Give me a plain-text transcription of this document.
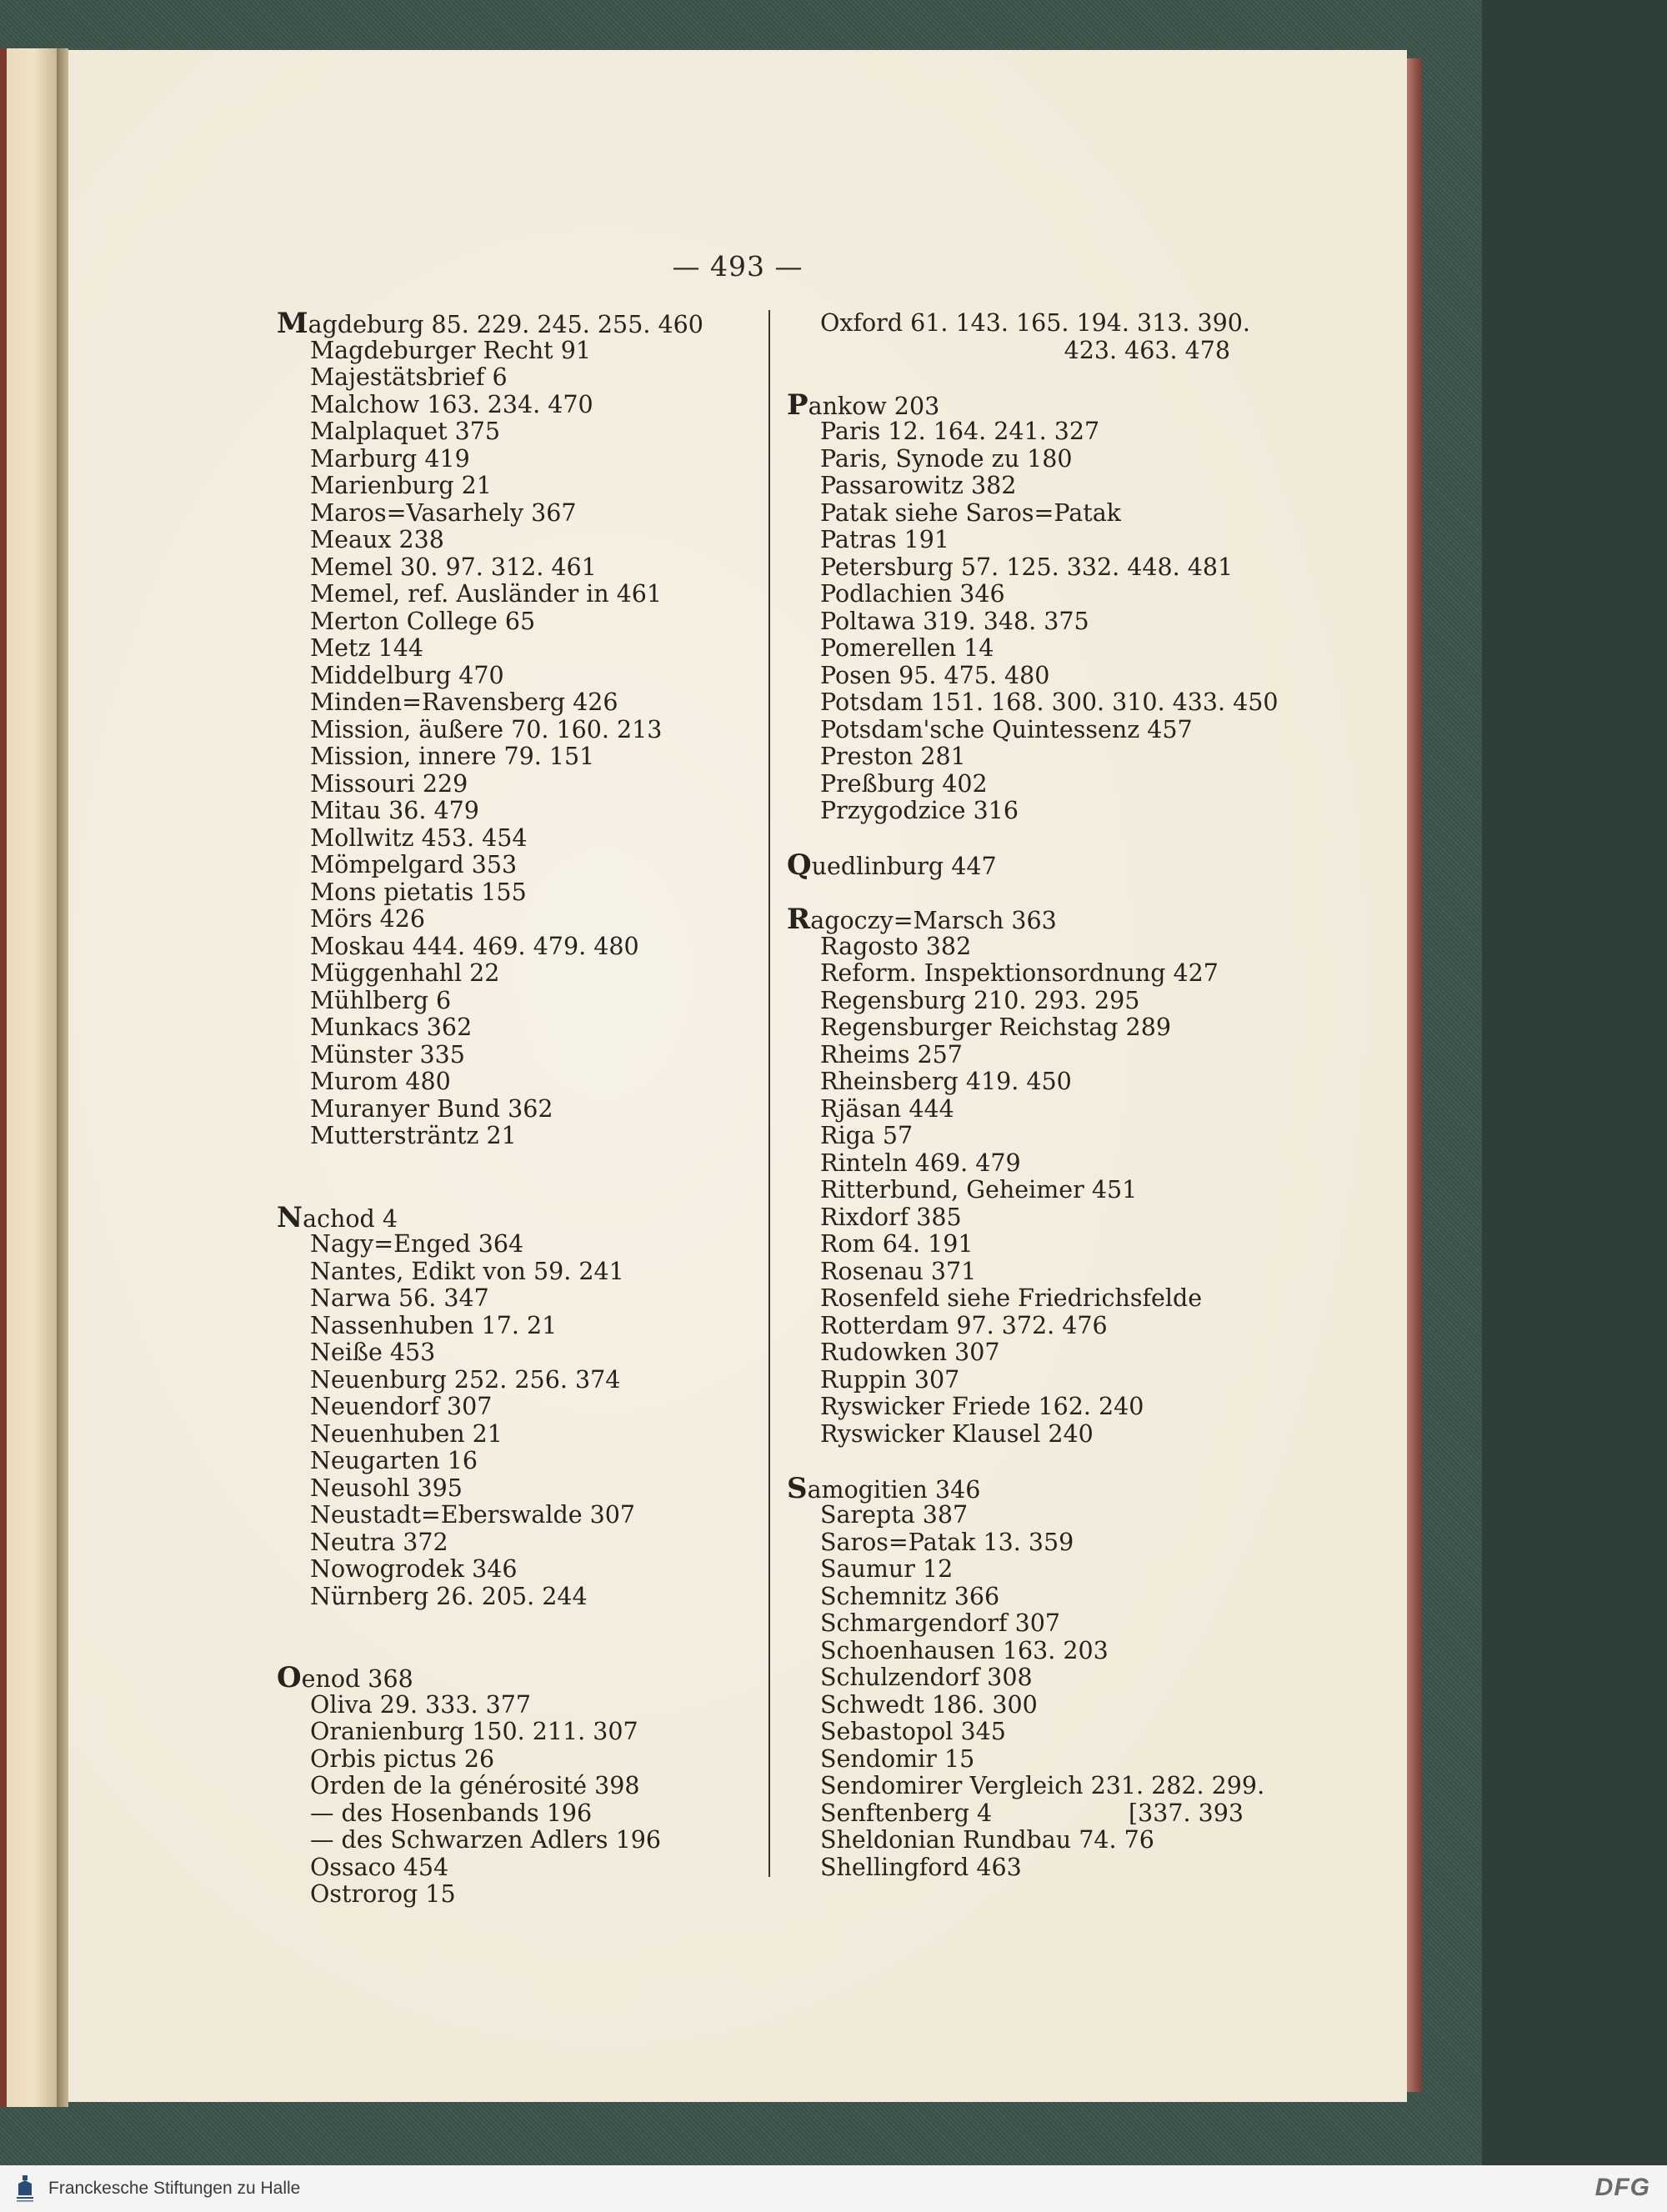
— 493 —
Magdeburg 85. 229. 245. 255. 460
Magdeburger Recht 91
Majestätsbrief 6
Malchow 163. 234. 470
Malplaquet 375
Marburg 419
Marienburg 21
Maros=Vasarhely 367
Meaux 238
Memel 30. 97. 312. 461
Memel, ref. Ausländer in 461
Merton College 65
Metz 144
Middelburg 470
Minden=Ravensberg 426
Mission, äußere 70. 160. 213
Mission, innere 79. 151
Missouri 229
Mitau 36. 479
Mollwitz 453. 454
Mömpelgard 353
Mons pietatis 155
Mörs 426
Moskau 444. 469. 479. 480
Müggenhahl 22
Mühlberg 6
Munkacs 362
Münster 335
Murom 480
Muranyer Bund 362
Muttersträntz 21
Nachod 4
Nagy=Enged 364
Nantes, Edikt von 59. 241
Narwa 56. 347
Nassenhuben 17. 21
Neiße 453
Neuenburg 252. 256. 374
Neuendorf 307
Neuenhuben 21
Neugarten 16
Neusohl 395
Neustadt=Eberswalde 307
Neutra 372
Nowogrodek 346
Nürnberg 26. 205. 244
Oenod 368
Oliva 29. 333. 377
Oranienburg 150. 211. 307
Orbis pictus 26
Orden de la générosité 398
— des Hosenbands 196
— des Schwarzen Adlers 196
Ossaco 454
Ostrorog 15
Oxford 61. 143. 165. 194. 313. 390.
423. 463. 478
Pankow 203
Paris 12. 164. 241. 327
Paris, Synode zu 180
Passarowitz 382
Patak siehe Saros=Patak
Patras 191
Petersburg 57. 125. 332. 448. 481
Podlachien 346
Poltawa 319. 348. 375
Pomerellen 14
Posen 95. 475. 480
Potsdam 151. 168. 300. 310. 433. 450
Potsdam'sche Quintessenz 457
Preston 281
Preßburg 402
Przygodzice 316
Quedlinburg 447
Ragoczy=Marsch 363
Ragosto 382
Reform. Inspektionsordnung 427
Regensburg 210. 293. 295
Regensburger Reichstag 289
Rheims 257
Rheinsberg 419. 450
Rjäsan 444
Riga 57
Rinteln 469. 479
Ritterbund, Geheimer 451
Rixdorf 385
Rom 64. 191
Rosenau 371
Rosenfeld siehe Friedrichsfelde
Rotterdam 97. 372. 476
Rudowken 307
Ruppin 307
Ryswicker Friede 162. 240
Ryswicker Klausel 240
Samogitien 346
Sarepta 387
Saros=Patak 13. 359
Saumur 12
Schemnitz 366
Schmargendorf 307
Schoenhausen 163. 203
Schulzendorf 308
Schwedt 186. 300
Sebastopol 345
Sendomir 15
Sendomirer Vergleich 231. 282. 299.
Senftenberg 4	[337. 393
Sheldonian Rundbau 74. 76
Shellingford 463
Franckesche Stiftungen zu Halle	DFG
